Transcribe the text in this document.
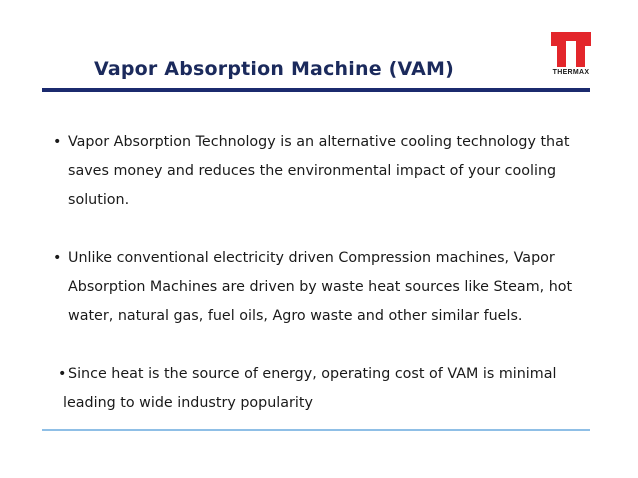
Vapor Absorption Machine (VAM)	THERMAX
• Vapor Absorption Technology is an alternative cooling technology that saves money and reduces the environmental impact of your cooling solution.
• Unlike conventional electricity driven Compression machines, Vapor Absorption Machines are driven by waste heat sources like Steam, hot water, natural gas, fuel oils, Agro waste and other similar fuels.
• Since heat is the source of energy, operating cost of VAM is minimal leading to wide industry popularity
